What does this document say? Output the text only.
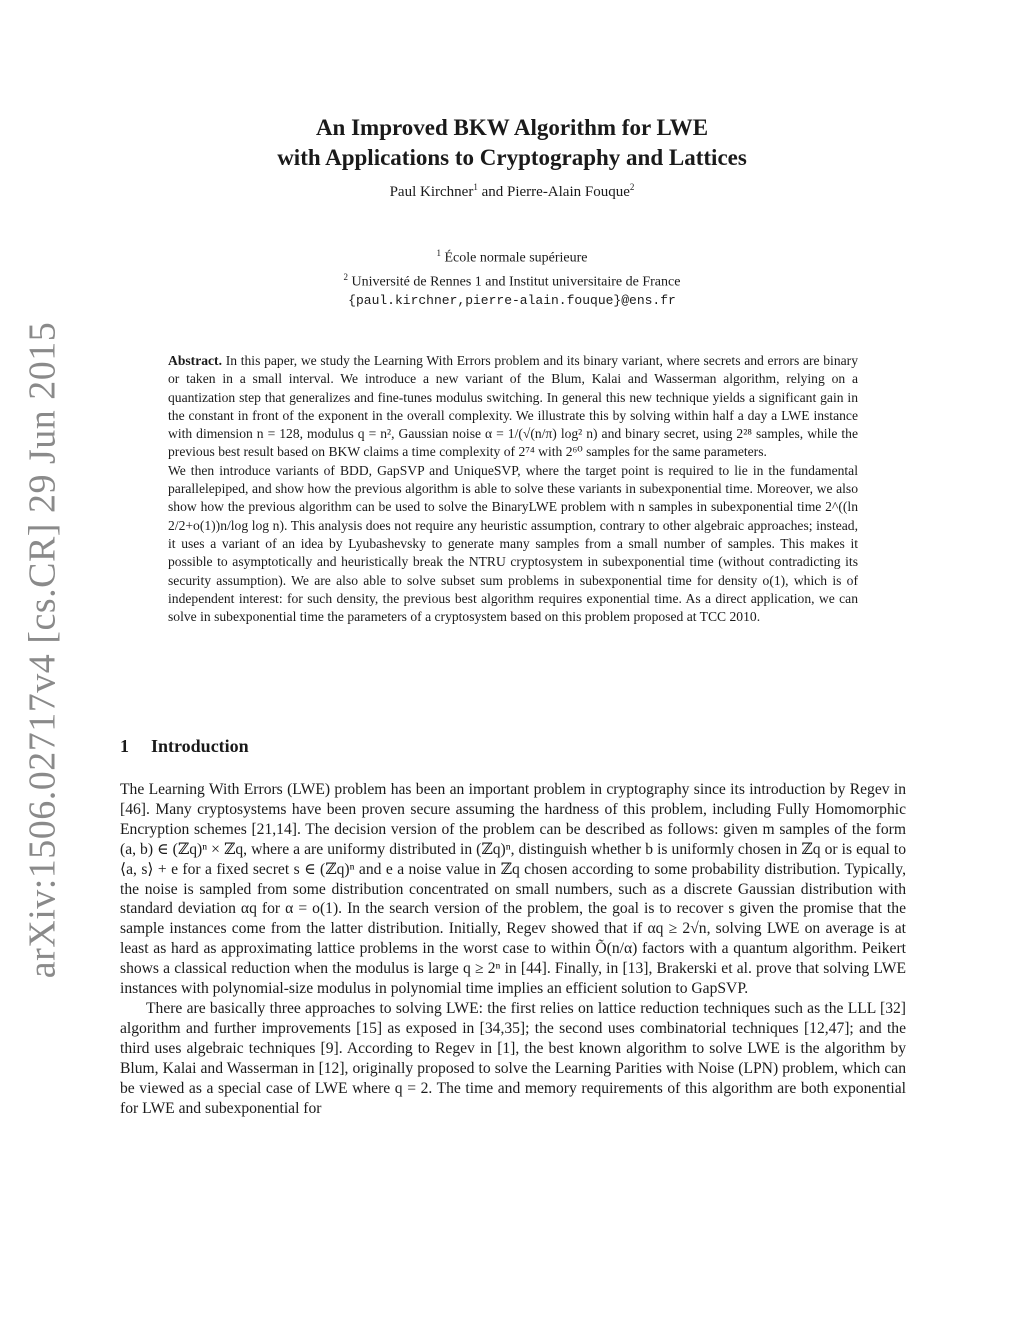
arXiv:1506.02717v4 [cs.CR] 29 Jun 2015
An Improved BKW Algorithm for LWE
with Applications to Cryptography and Lattices
Paul Kirchner$^1$ and Pierre-Alain Fouque$^2$
$^1$ École normale supérieure
$^2$ Université de Rennes 1 and Institut universitaire de France
{paul.kirchner,pierre-alain.fouque}@ens.fr

Abstract. In this paper, we study the Learning With Errors problem and its binary variant, where secrets and errors are binary or taken in a small interval. We introduce a new variant of the Blum, Kalai and Wasserman algorithm, relying on a quantization step that generalizes and fine-tunes modulus switching. In general this new technique yields a significant gain in the constant in front of the exponent in the overall complexity. We illustrate this by solving within half a day a LWE instance with dimension n = 128, modulus q = n², Gaussian noise α = 1/(√(n/π) log² n) and binary secret, using 2²⁸ samples, while the previous best result based on BKW claims a time complexity of 2⁷⁴ with 2⁶⁰ samples for the same parameters.

We then introduce variants of BDD, GapSVP and UniqueSVP, where the target point is required to lie in the fundamental parallelepiped, and show how the previous algorithm is able to solve these variants in subexponential time. Moreover, we also show how the previous algorithm can be used to solve the BinaryLWE problem with n samples in subexponential time 2^((ln 2/2+o(1))n/log log n). This analysis does not require any heuristic assumption, contrary to other algebraic approaches; instead, it uses a variant of an idea by Lyubashevsky to generate many samples from a small number of samples. This makes it possible to asymptotically and heuristically break the NTRU cryptosystem in subexponential time (without contradicting its security assumption). We are also able to solve subset sum problems in subexponential time for density o(1), which is of independent interest: for such density, the previous best algorithm requires exponential time. As a direct application, we can solve in subexponential time the parameters of a cryptosystem based on this problem proposed at TCC 2010.

1 Introduction

The Learning With Errors (LWE) problem has been an important problem in cryptography since its introduction by Regev in [46]. Many cryptosystems have been proven secure assuming the hardness of this problem, including Fully Homomorphic Encryption schemes [21,14]. The decision version of the problem can be described as follows: given m samples of the form (a, b) ∈ (ℤq)ⁿ × ℤq, where a are uniformy distributed in (ℤq)ⁿ, distinguish whether b is uniformly chosen in ℤq or is equal to ⟨a, s⟩ + e for a fixed secret s ∈ (ℤq)ⁿ and e a noise value in ℤq chosen according to some probability distribution. Typically, the noise is sampled from some distribution concentrated on small numbers, such as a discrete Gaussian distribution with standard deviation αq for α = o(1). In the search version of the problem, the goal is to recover s given the promise that the sample instances come from the latter distribution. Initially, Regev showed that if αq ≥ 2√n, solving LWE on average is at least as hard as approximating lattice problems in the worst case to within Õ(n/α) factors with a quantum algorithm. Peikert shows a classical reduction when the modulus is large q ≥ 2ⁿ in [44]. Finally, in [13], Brakerski et al. prove that solving LWE instances with polynomial-size modulus in polynomial time implies an efficient solution to GapSVP.

There are basically three approaches to solving LWE: the first relies on lattice reduction techniques such as the LLL [32] algorithm and further improvements [15] as exposed in [34,35]; the second uses combinatorial techniques [12,47]; and the third uses algebraic techniques [9]. According to Regev in [1], the best known algorithm to solve LWE is the algorithm by Blum, Kalai and Wasserman in [12], originally proposed to solve the Learning Parities with Noise (LPN) problem, which can be viewed as a special case of LWE where q = 2. The time and memory requirements of this algorithm are both exponential for LWE and subexponential for
